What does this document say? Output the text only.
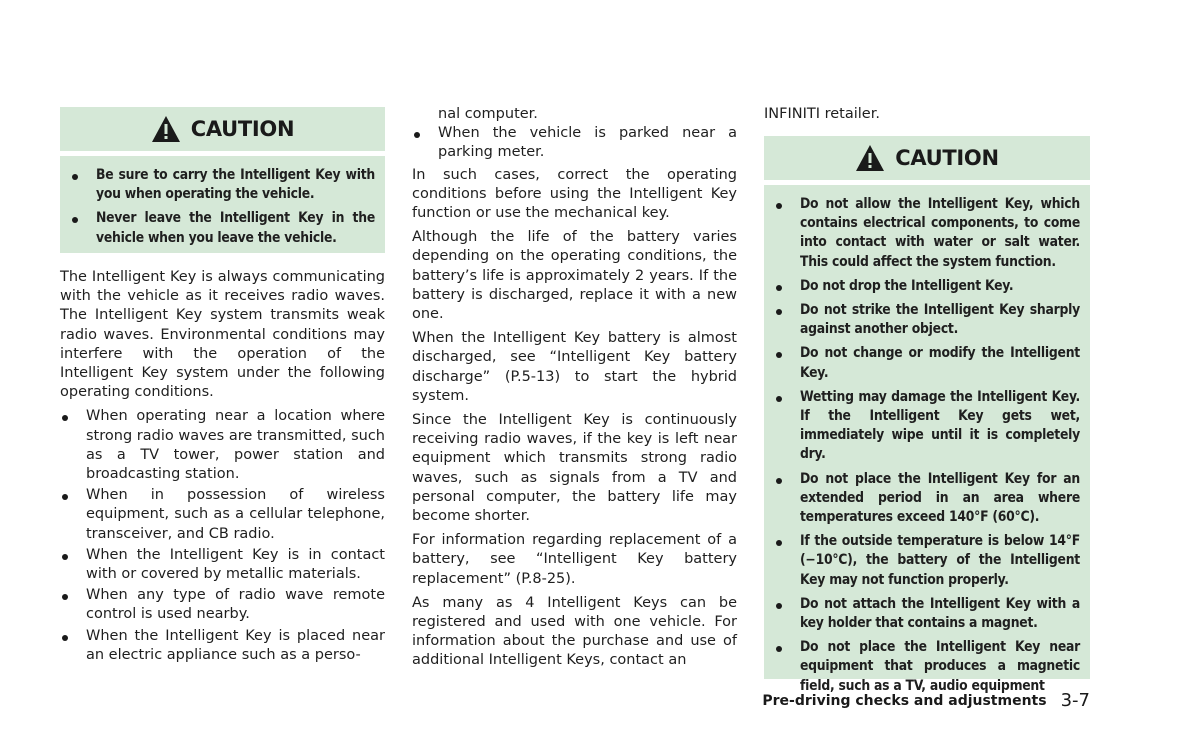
CAUTION
Be sure to carry the Intelligent Key with you when operating the vehicle.
Never leave the Intelligent Key in the vehicle when you leave the vehicle.

The Intelligent Key is always communicating with the vehicle as it receives radio waves. The Intelligent Key system transmits weak radio waves. Environmental conditions may interfere with the operation of the Intelligent Key system under the following operating conditions.

When operating near a location where strong radio waves are transmitted, such as a TV tower, power station and broadcasting station.
When in possession of wireless equipment, such as a cellular telephone, transceiver, and CB radio.
When the Intelligent Key is in contact with or covered by metallic materials.
When any type of radio wave remote control is used nearby.
When the Intelligent Key is placed near an electric appliance such as a perso-
nal computer.
When the vehicle is parked near a parking meter.

In such cases, correct the operating conditions before using the Intelligent Key function or use the mechanical key.

Although the life of the battery varies depending on the operating conditions, the battery’s life is approximately 2 years. If the battery is discharged, replace it with a new one.

When the Intelligent Key battery is almost discharged, see “Intelligent Key battery discharge” (P.5-13) to start the hybrid system.

Since the Intelligent Key is continuously receiving radio waves, if the key is left near equipment which transmits strong radio waves, such as signals from a TV and personal computer, the battery life may become shorter.

For information regarding replacement of a battery, see “Intelligent Key battery replacement” (P.8-25).

As many as 4 Intelligent Keys can be registered and used with one vehicle. For information about the purchase and use of additional Intelligent Keys, contact an

INFINITI retailer.
CAUTION
Do not allow the Intelligent Key, which contains electrical components, to come into contact with water or salt water. This could affect the system function.
Do not drop the Intelligent Key.
Do not strike the Intelligent Key sharply against another object.
Do not change or modify the Intelligent Key.
Wetting may damage the Intelligent Key. If the Intelligent Key gets wet, immediately wipe until it is completely dry.
Do not place the Intelligent Key for an extended period in an area where temperatures exceed 140°F (60°C).
If the outside temperature is below 14°F (−10°C), the battery of the Intelligent Key may not function properly.
Do not attach the Intelligent Key with a key holder that contains a magnet.
Do not place the Intelligent Key near equipment that produces a magnetic field, such as a TV, audio equipment
Pre-driving checks and adjustments 3-7
